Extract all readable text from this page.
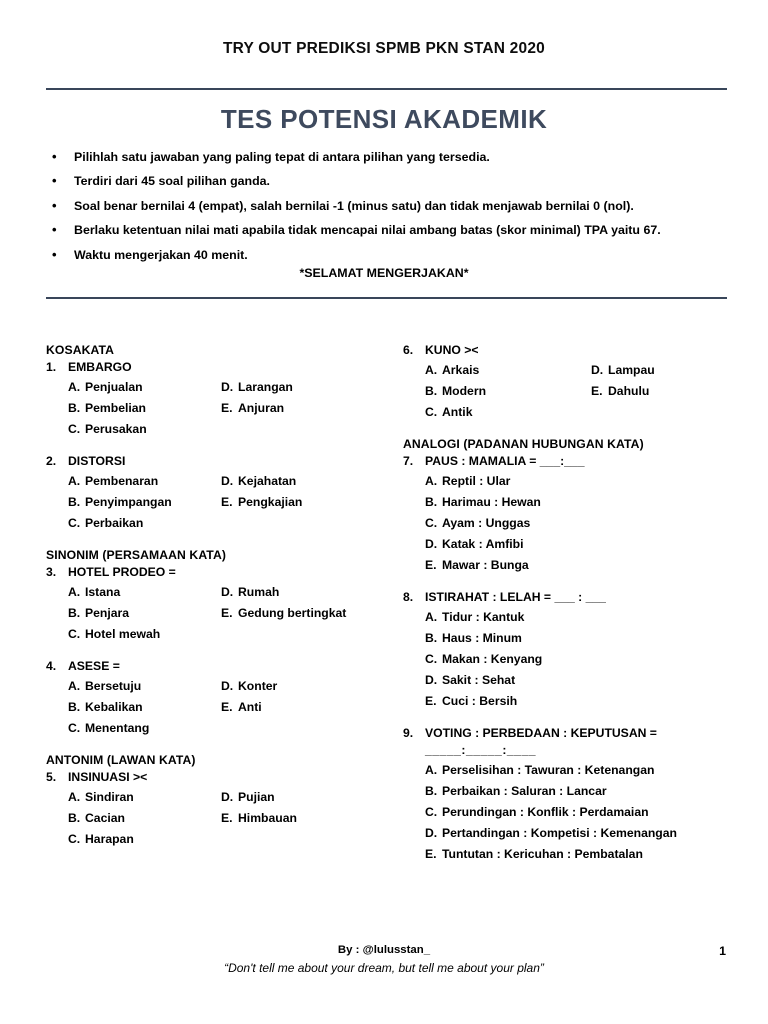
TRY OUT PREDIKSI SPMB PKN STAN 2020
TES POTENSI AKADEMIK
•	Pilihlah satu jawaban yang paling tepat di antara pilihan yang tersedia.
•	Terdiri dari 45 soal pilihan ganda.
•	Soal benar bernilai 4 (empat), salah bernilai -1 (minus satu) dan tidak menjawab bernilai 0 (nol).
•	Berlaku ketentuan nilai mati apabila tidak mencapai nilai ambang batas (skor minimal) TPA yaitu 67.
•	Waktu mengerjakan 40 menit.
*SELAMAT MENGERJAKAN*
KOSAKATA
1. EMBARGO
A. Penjualan
B. Pembelian
C. Perusakan
D. Larangan
E. Anjuran
2. DISTORSI
A. Pembenaran
B. Penyimpangan
C. Perbaikan
D. Kejahatan
E. Pengkajian
SINONIM (PERSAMAAN KATA)
3. HOTEL PRODEO =
A. Istana
B. Penjara
C. Hotel mewah
D. Rumah
E. Gedung bertingkat
4. ASESE =
A. Bersetuju
B. Kebalikan
C. Menentang
D. Konter
E. Anti
ANTONIM (LAWAN KATA)
5. INSINUASI ><
A. Sindiran
B. Cacian
C. Harapan
D. Pujian
E. Himbauan
6. KUNO ><
A. Arkais
B. Modern
C. Antik
D. Lampau
E. Dahulu
ANALOGI (PADANAN HUBUNGAN KATA)
7. PAUS : MAMALIA = ___:___
A. Reptil : Ular
B. Harimau : Hewan
C. Ayam : Unggas
D. Katak : Amfibi
E. Mawar : Bunga
8. ISTIRAHAT : LELAH = ___ : ___
A. Tidur : Kantuk
B. Haus : Minum
C. Makan : Kenyang
D. Sakit : Sehat
E. Cuci : Bersih
9. VOTING : PERBEDAAN : KEPUTUSAN =
_____:_____:____
A. Perselisihan : Tawuran : Ketenangan
B. Perbaikan : Saluran : Lancar
C. Perundingan : Konflik : Perdamaian
D. Pertandingan : Kompetisi : Kemenangan
E. Tuntutan : Kericuhan : Pembatalan
By : @lulusstan_
“Don't tell me about your dream, but tell me about your plan”
1
